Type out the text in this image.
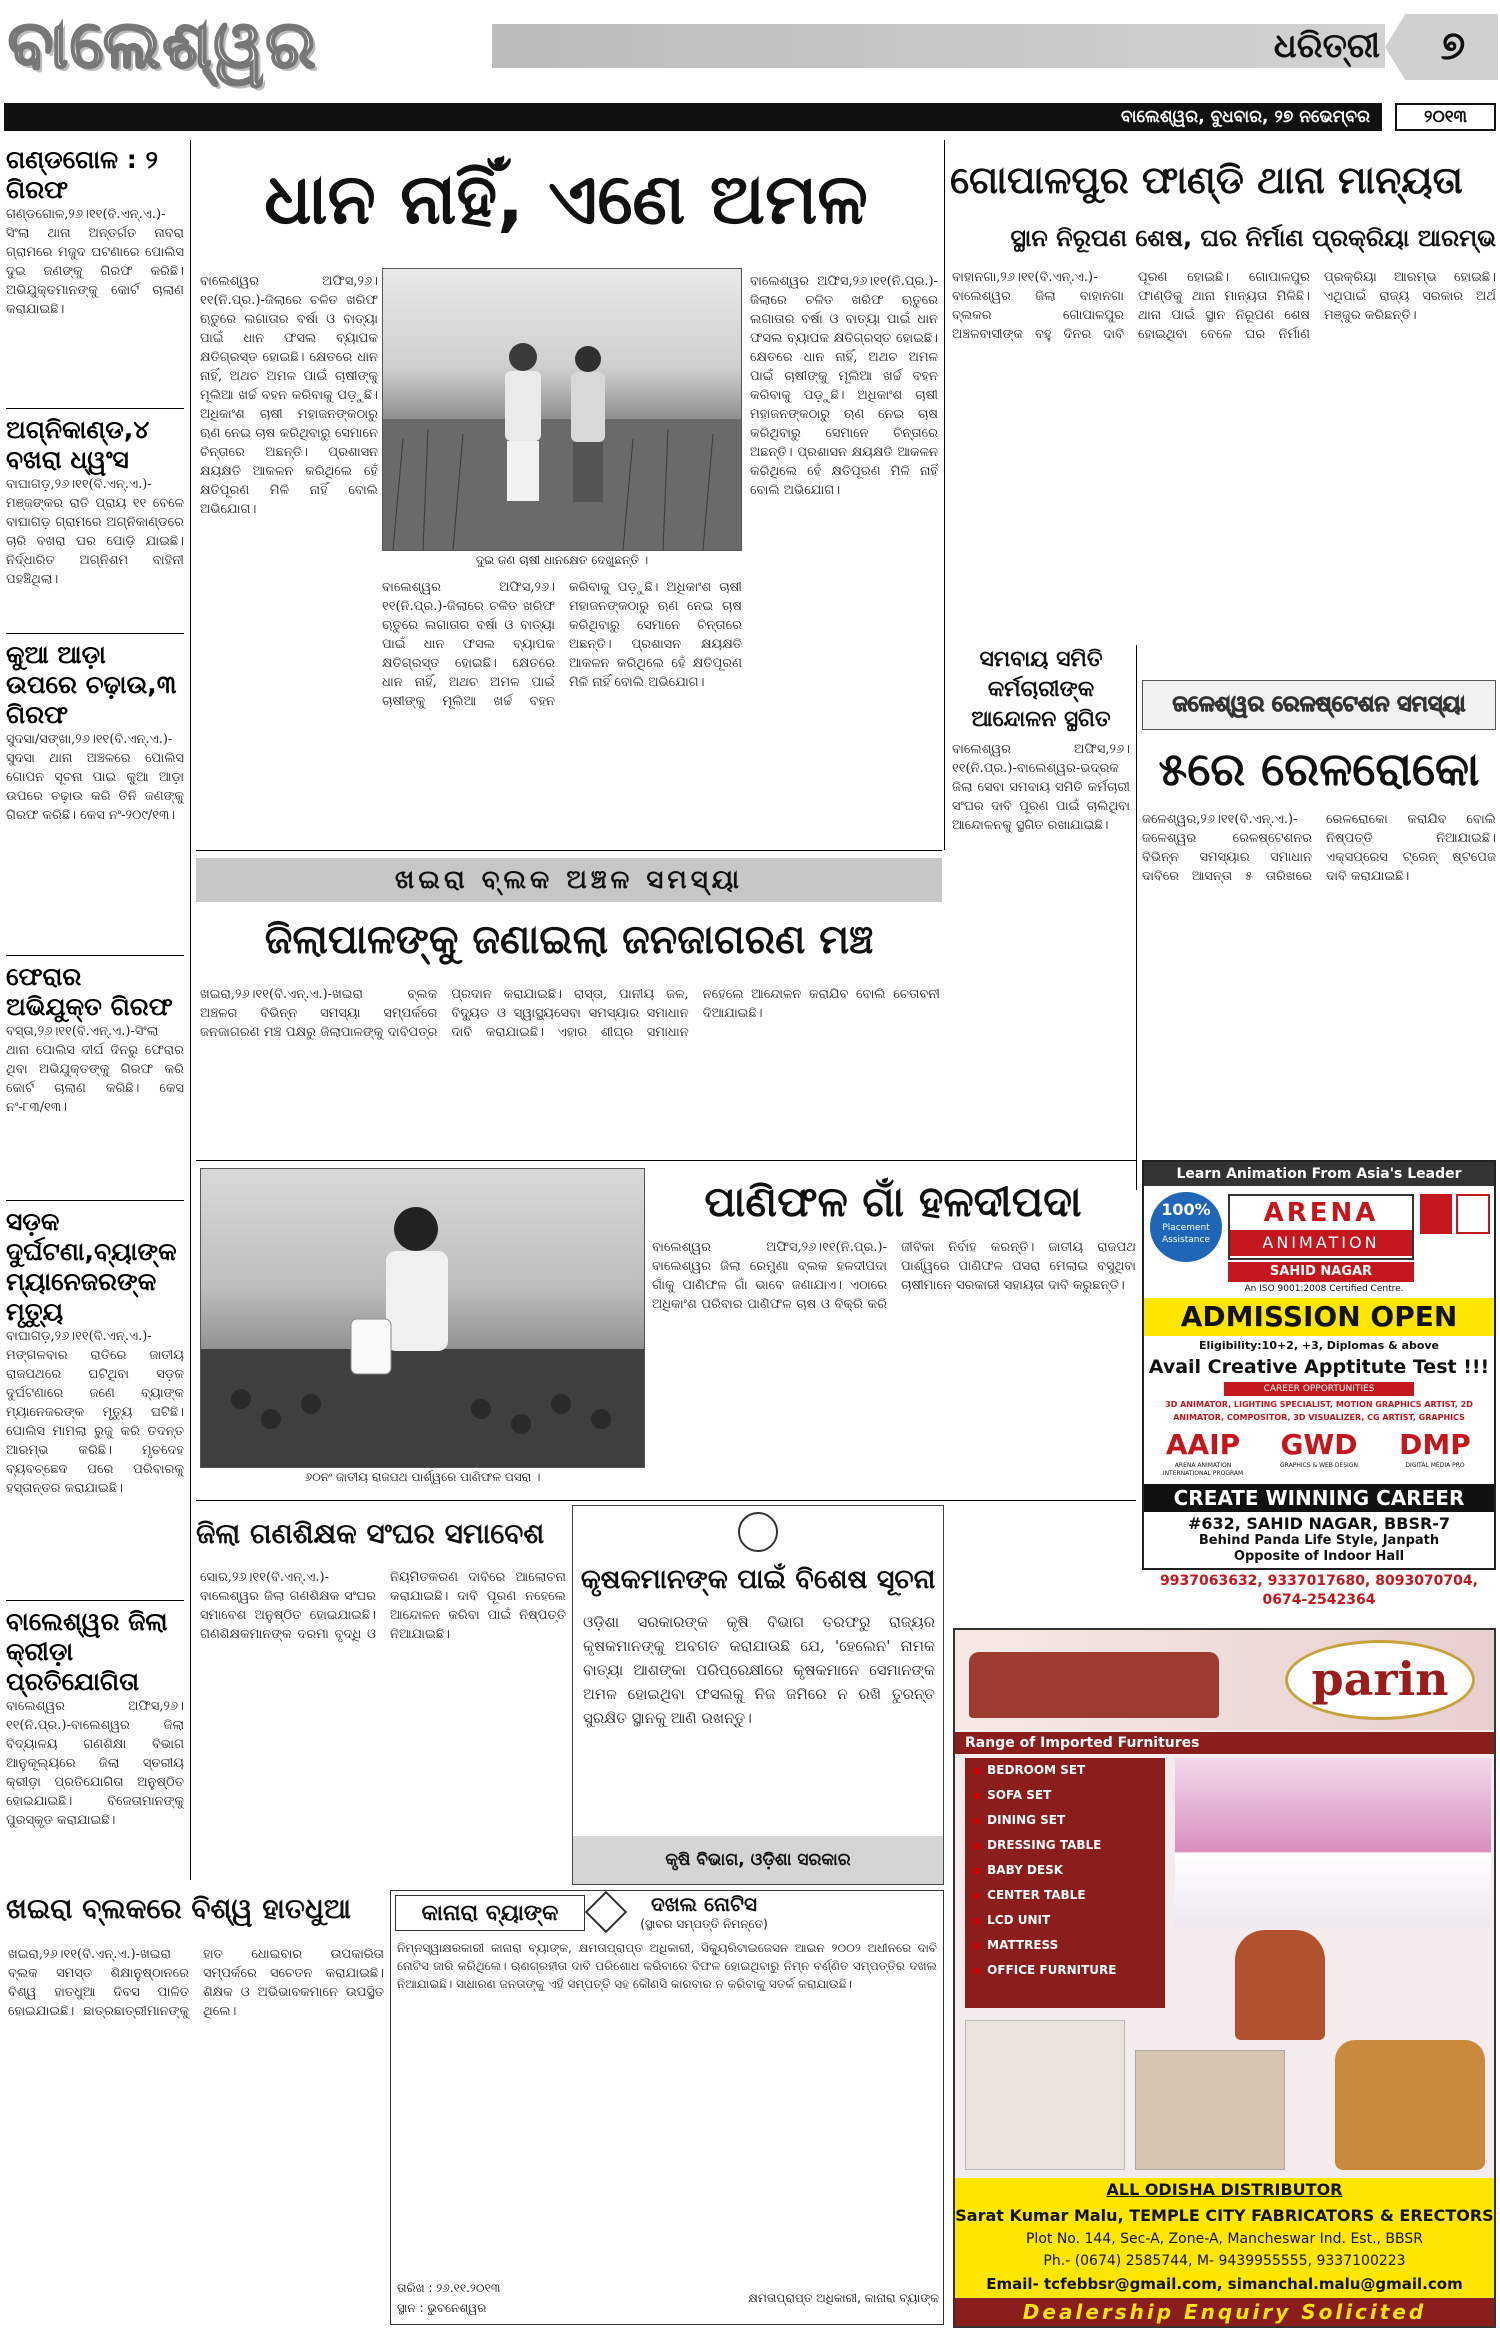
ବାଲେଶ୍ୱର	ଧରିତ୍ରୀ	୭
ବାଲେଶ୍ୱର, ବୁଧବାର, ୨୭ ନଭେମ୍ବର	୨୦୧୩
ଗଣ୍ଡଗୋଳ : ୨ ଗିରଫ
ଗଣ୍ଡଗୋଳ,୨୬।୧୧(ବି.ଏନ୍.ଏ.)-ସିଂଲା ଥାନା ଅନ୍ତର୍ଗତ ନାବରା ଗ୍ରାମରେ ମଜୁଦ ଘଟଣାରେ ପୋଲିସ ଦୁଇ ଜଣଙ୍କୁ ଗିରଫ କରିଛି। ଅଭିଯୁକ୍ତମାନଙ୍କୁ କୋର୍ଟ ଚାଲାଣ କରାଯାଇଛି।
ଅଗ୍ନିକାଣ୍ଡ,୪ ବଖରା ଧ୍ୱଂସ
ବାଘାଗଡ଼,୨୬।୧୧(ବି.ଏନ୍.ଏ.)-ମଞ୍ଜଙ୍କର ରାତି ପ୍ରାୟ ୧୧ ବେଳେ ବାଘାଗଡ଼ ଗ୍ରାମରେ ଅଗ୍ନିକାଣ୍ଡରେ ଚାରି ବଖରା ଘର ପୋଡ଼ି ଯାଇଛି। ନିର୍ଦ୍ଧାରିତ ଅଗ୍ନିଶମ ବାହିନୀ ପହଞ୍ଚିଥିଲା।
କୁଆ ଆଡ଼ା ଉପରେ ଚଢ଼ାଉ,୩ ଗିରଫ
ସୁଦସା/ସଙ୍ଖା,୨୬।୧୧(ବି.ଏନ୍.ଏ.)-ସୁଦସା ଥାନା ଅଞ୍ଚଳରେ ପୋଲିସ ଗୋପନ ସୂଚନା ପାଇ କୁଆ ଆଡ଼ା ଉପରେ ଚଢ଼ାଉ କରି ତିନି ଜଣଙ୍କୁ ଗିରଫ କରିଛି। କେସ ନଂ-୨୦୯/୧୩।
ଫେରାର ଅଭିଯୁକ୍ତ ଗିରଫ
ବସ୍ତା,୨୬।୧୧(ବି.ଏନ୍.ଏ.)-ସିଂଲା ଥାନା ପୋଲିସ ଦୀର୍ଘ ଦିନରୁ ଫେରାର ଥିବା ଅଭିଯୁକ୍ତଙ୍କୁ ଗିରଫ କରି କୋର୍ଟ ଚାଲାଣ କରିଛି। କେସ ନଂ-୮୩/୧୩।
ସଡ଼କ ଦୁର୍ଘଟଣା,ବ୍ୟାଙ୍କ ମ୍ୟାନେଜରଙ୍କ ମୃତ୍ୟୁ
ବାଘାଗଡ଼,୨୬।୧୧(ବି.ଏନ୍.ଏ.)-ମଙ୍ଗଳବାର ରାତିରେ ଜାତୀୟ ରାଜପଥରେ ଘଟିଥିବା ସଡ଼କ ଦୁର୍ଘଟଣାରେ ଜଣେ ବ୍ୟାଙ୍କ ମ୍ୟାନେଜରଙ୍କ ମୃତ୍ୟୁ ଘଟିଛି। ପୋଲିସ ମାମଲା ରୁଜୁ କରି ତଦନ୍ତ ଆରମ୍ଭ କରିଛି। ମୃତଦେହ ବ୍ୟବଚ୍ଛେଦ ପରେ ପରିବାରକୁ ହସ୍ତାନ୍ତର କରାଯାଇଛି।
ବାଲେଶ୍ୱର ଜିଲା କ୍ରୀଡ଼ା ପ୍ରତିଯୋଗିତା
ବାଲେଶ୍ୱର ଅଫିସ,୨୬।୧୧(ନି.ପ୍ର.)-ବାଲେଶ୍ୱର ଜିଲା ବିଦ୍ୟାଳୟ ଗଣଶିକ୍ଷା ବିଭାଗ ଆନୁକୂଲ୍ୟରେ ଜିଲା ସ୍ତରୀୟ କ୍ରୀଡ଼ା ପ୍ରତିଯୋଗିତା ଅନୁଷ୍ଠିତ ହୋଇଯାଇଛି। ବିଜେତାମାନଙ୍କୁ ପୁରସ୍କୃତ କରାଯାଇଛି।
ଧାନ ନାହିଁ, ଏଣେ ଅମଳ
ବାଲେଶ୍ୱର ଅଫିସ,୨୬।୧୧(ନି.ପ୍ର.)-ଜିଲାରେ ଚଳିତ ଖରିଫ ଋତୁରେ ଲଗାତାର ବର୍ଷା ଓ ବାତ୍ୟା ପାଇଁ ଧାନ ଫସଲ ବ୍ୟାପକ କ୍ଷତିଗ୍ରସ୍ତ ହୋଇଛି। କ୍ଷେତରେ ଧାନ ନାହିଁ, ଅଥଚ ଅମଳ ପାଇଁ ଚାଷୀଙ୍କୁ ମୂଲିଆ ଖର୍ଚ୍ଚ ବହନ କରିବାକୁ ପଡ଼ୁଛି। ଅଧିକାଂଶ ଚାଷୀ ମହାଜନଙ୍କଠାରୁ ଋଣ ନେଇ ଚାଷ କରିଥିବାରୁ ସେମାନେ ଚିନ୍ତାରେ ଅଛନ୍ତି। ପ୍ରଶାସନ କ୍ଷୟକ୍ଷତି ଆକଳନ କରିଥିଲେ ହେଁ କ୍ଷତିପୂରଣ ମିଳି ନାହିଁ ବୋଲି ଅଭିଯୋଗ।
ଦୁଇ ଜଣ ଚାଷୀ ଧାନକ୍ଷେତ ଦେଖୁଛନ୍ତି ।
ବାଲେଶ୍ୱର ଅଫିସ,୨୬।୧୧(ନି.ପ୍ର.)-ଜିଲାରେ ଚଳିତ ଖରିଫ ଋତୁରେ ଲଗାତାର ବର୍ଷା ଓ ବାତ୍ୟା ପାଇଁ ଧାନ ଫସଲ ବ୍ୟାପକ କ୍ଷତିଗ୍ରସ୍ତ ହୋଇଛି। କ୍ଷେତରେ ଧାନ ନାହିଁ, ଅଥଚ ଅମଳ ପାଇଁ ଚାଷୀଙ୍କୁ ମୂଲିଆ ଖର୍ଚ୍ଚ ବହନ କରିବାକୁ ପଡ଼ୁଛି। ଅଧିକାଂଶ ଚାଷୀ ମହାଜନଙ୍କଠାରୁ ଋଣ ନେଇ ଚାଷ କରିଥିବାରୁ ସେମାନେ ଚିନ୍ତାରେ ଅଛନ୍ତି। ପ୍ରଶାସନ କ୍ଷୟକ୍ଷତି ଆକଳନ କରିଥିଲେ ହେଁ କ୍ଷତିପୂରଣ ମିଳି ନାହିଁ ବୋଲି ଅଭିଯୋଗ।
ବାଲେଶ୍ୱର ଅଫିସ,୨୬।୧୧(ନି.ପ୍ର.)-ଜିଲାରେ ଚଳିତ ଖରିଫ ଋତୁରେ ଲଗାତାର ବର୍ଷା ଓ ବାତ୍ୟା ପାଇଁ ଧାନ ଫସଲ ବ୍ୟାପକ କ୍ଷତିଗ୍ରସ୍ତ ହୋଇଛି। କ୍ଷେତରେ ଧାନ ନାହିଁ, ଅଥଚ ଅମଳ ପାଇଁ ଚାଷୀଙ୍କୁ ମୂଲିଆ ଖର୍ଚ୍ଚ ବହନ କରିବାକୁ ପଡ଼ୁଛି। ଅଧିକାଂଶ ଚାଷୀ ମହାଜନଙ୍କଠାରୁ ଋଣ ନେଇ ଚାଷ କରିଥିବାରୁ ସେମାନେ ଚିନ୍ତାରେ ଅଛନ୍ତି। ପ୍ରଶାସନ କ୍ଷୟକ୍ଷତି ଆକଳନ କରିଥିଲେ ହେଁ କ୍ଷତିପୂରଣ ମିଳି ନାହିଁ ବୋଲି ଅଭିଯୋଗ।
ଗୋପାଳପୁର ଫାଣ୍ଡି ଥାନା ମାନ୍ୟତା
ସ୍ଥାନ ନିରୂପଣ ଶେଷ, ଘର ନିର୍ମାଣ ପ୍ରକ୍ରିୟା ଆରମ୍ଭ
ବାହାନଗା,୨୬।୧୧(ବି.ଏନ୍.ଏ.)-ବାଲେଶ୍ୱର ଜିଲା ବାହାନଗା ବ୍ଲକର ଗୋପାଳପୁର ଅଞ୍ଚଳବାସୀଙ୍କ ବହୁ ଦିନର ଦାବି ପୂରଣ ହୋଇଛି। ଗୋପାଳପୁର ଫାଣ୍ଡିକୁ ଥାନା ମାନ୍ୟତା ମିଳିଛି। ଥାନା ପାଇଁ ସ୍ଥାନ ନିରୂପଣ ଶେଷ ହୋଇଥିବା ବେଳେ ଘର ନିର୍ମାଣ ପ୍ରକ୍ରିୟା ଆରମ୍ଭ ହୋଇଛି। ଏଥିପାଇଁ ରାଜ୍ୟ ସରକାର ଅର୍ଥ ମଞ୍ଜୁର କରିଛନ୍ତି।
ସମବାୟ ସମିତି କର୍ମଚାରୀଙ୍କ ଆନ୍ଦୋଳନ ସ୍ଥଗିତ
ବାଲେଶ୍ୱର ଅଫିସ,୨୬।୧୧(ନି.ପ୍ର.)-ବାଲେଶ୍ୱର-ଭଦ୍ରକ ଜିଲା ସେବା ସମବାୟ ସମିତି କର୍ମଚାରୀ ସଂଘର ଦାବି ପୂରଣ ପାଇଁ ଚାଲିଥିବା ଆନ୍ଦୋଳନକୁ ସ୍ଥଗିତ ରଖାଯାଇଛି।
ଜଳେଶ୍ୱର ରେଳଷ୍ଟେଶନ ସମସ୍ୟା
୫ରେ ରେଳରୋକୋ
ଜଳେଶ୍ୱର,୨୬।୧୧(ବି.ଏନ୍.ଏ.)-ଜଳେଶ୍ୱର ରେଳଷ୍ଟେଶନର ବିଭିନ୍ନ ସମସ୍ୟାର ସମାଧାନ ଦାବିରେ ଆସନ୍ତା ୫ ତାରିଖରେ ରେଳରୋକୋ କରାଯିବ ବୋଲି ନିଷ୍ପତ୍ତି ନିଆଯାଇଛି। ଏକ୍ସପ୍ରେସ ଟ୍ରେନ୍ ଷ୍ଟପେଜ ଦାବି କରାଯାଇଛି।
ଖଇରା ବ୍ଲକ ଅଞ୍ଚଳ ସମସ୍ୟା
ଜିଲାପାଳଙ୍କୁ ଜଣାଇଲା ଜନଜାଗରଣ ମଞ୍ଚ
ଖଇରା,୨୬।୧୧(ବି.ଏନ୍.ଏ.)-ଖଇରା ବ୍ଲକ ଅଞ୍ଚଳର ବିଭିନ୍ନ ସମସ୍ୟା ସମ୍ପର୍କରେ ଜନଜାଗରଣ ମଞ୍ଚ ପକ୍ଷରୁ ଜିଲାପାଳଙ୍କୁ ଦାବିପତ୍ର ପ୍ରଦାନ କରାଯାଇଛି। ରାସ୍ତା, ପାନୀୟ ଜଳ, ବିଦ୍ୟୁତ ଓ ସ୍ୱାସ୍ଥ୍ୟସେବା ସମସ୍ୟାର ସମାଧାନ ଦାବି କରାଯାଇଛି। ଏହାର ଶୀଘ୍ର ସମାଧାନ ନହେଲେ ଆନ୍ଦୋଳନ କରାଯିବ ବୋଲି ଚେତାବନୀ ଦିଆଯାଇଛି।
୬୦ନଂ ଜାତୀୟ ରାଜପଥ ପାର୍ଶ୍ୱରେ ପାଣିଫଳ ପସରା ।
ପାଣିଫଳ ଗାଁ ହଳଦୀପଦା
ବାଲେଶ୍ୱର ଅଫିସ,୨୬।୧୧(ନି.ପ୍ର.)-ବାଲେଶ୍ୱର ଜିଲା ରେମୁଣା ବ୍ଲକ ହଳଦୀପଦା ଗାଁକୁ ପାଣିଫଳ ଗାଁ ଭାବେ ଜଣାଯାଏ। ଏଠାରେ ଅଧିକାଂଶ ପରିବାର ପାଣିଫଳ ଚାଷ ଓ ବିକ୍ରି କରି ଜୀବିକା ନିର୍ବାହ କରନ୍ତି। ଜାତୀୟ ରାଜପଥ ପାର୍ଶ୍ୱରେ ପାଣିଫଳ ପସରା ମେଲାଇ ବସୁଥିବା ଚାଷୀମାନେ ସରକାରୀ ସହାୟତା ଦାବି କରୁଛନ୍ତି।
ଜିଲା ଗଣଶିକ୍ଷକ ସଂଘର ସମାବେଶ
ସୋର,୨୬।୧୧(ବି.ଏନ୍.ଏ.)-ବାଲେଶ୍ୱର ଜିଲା ଗଣଶିକ୍ଷକ ସଂଘର ସମାବେଶ ଅନୁଷ୍ଠିତ ହୋଇଯାଇଛି। ଗଣଶିକ୍ଷକମାନଙ୍କ ଦରମା ବୃଦ୍ଧି ଓ ନିୟମିତକରଣ ଦାବିରେ ଆଲୋଚନା କରାଯାଇଛି। ଦାବି ପୂରଣ ନହେଲେ ଆନ୍ଦୋଳନ କରିବା ପାଇଁ ନିଷ୍ପତ୍ତି ନିଆଯାଇଛି।
କୃଷକମାନଙ୍କ ପାଇଁ ବିଶେଷ ସୂଚନା
ଓଡ଼ିଶା ସରକାରଙ୍କ କୃଷି ବିଭାଗ ତରଫରୁ ରାଜ୍ୟର କୃଷକମାନଙ୍କୁ ଅବଗତ କରାଯାଉଛି ଯେ, 'ହେଲେନ' ନାମକ ବାତ୍ୟା ଆଶଙ୍କା ପରିପ୍ରେକ୍ଷୀରେ କୃଷକମାନେ ସେମାନଙ୍କ ଅମଳ ହୋଇଥିବା ଫସଲକୁ ନିଜ ଜମିରେ ନ ରଖି ତୁରନ୍ତ ସୁରକ୍ଷିତ ସ୍ଥାନକୁ ଆଣି ରଖନ୍ତୁ।
କୃଷି ବିଭାଗ, ଓଡ଼ିଶା ସରକାର
ଖଇରା ବ୍ଲକରେ ବିଶ୍ୱ ହାତଧୁଆ
ଖଇରା,୨୬।୧୧(ବି.ଏନ୍.ଏ.)-ଖଇରା ବ୍ଲକ ସମସ୍ତ ଶିକ୍ଷାନୁଷ୍ଠାନରେ ବିଶ୍ୱ ହାତଧୁଆ ଦିବସ ପାଳିତ ହୋଇଯାଇଛି। ଛାତ୍ରଛାତ୍ରୀମାନଙ୍କୁ ହାତ ଧୋଇବାର ଉପକାରିତା ସମ୍ପର୍କରେ ସଚେତନ କରାଯାଇଛି। ଶିକ୍ଷକ ଓ ଅଭିଭାବକମାନେ ଉପସ୍ଥିତ ଥିଲେ।
କାନାରା ବ୍ୟାଙ୍କ	ଦଖଲ ନୋଟିସ
(ସ୍ଥାବର ସମ୍ପତ୍ତି ନିମନ୍ତେ)
ନିମ୍ନସ୍ୱାକ୍ଷରକାରୀ କାନାରା ବ୍ୟାଙ୍କ, କ୍ଷମତାପ୍ରାପ୍ତ ଅଧିକାରୀ, ସିକ୍ୟୁରିଟାଇଜେସନ ଆଇନ ୨୦୦୨ ଅଧୀନରେ ଦାବି ନୋଟିସ ଜାରି କରିଥିଲେ। ଋଣଗ୍ରହୀତା ଦାବି ପରିଶୋଧ କରିବାରେ ବିଫଳ ହୋଇଥିବାରୁ ନିମ୍ନ ବର୍ଣ୍ଣିତ ସମ୍ପତ୍ତିର ଦଖଲ ନିଆଯାଇଛି। ସାଧାରଣ ଜନତାଙ୍କୁ ଏହି ସମ୍ପତ୍ତି ସହ କୌଣସି କାରବାର ନ କରିବାକୁ ସତର୍କ କରାଯାଉଛି।
ତାରିଖ : ୨୬.୧୧.୨୦୧୩
ସ୍ଥାନ : ଭୁବନେଶ୍ୱର
କ୍ଷମତାପ୍ରାପ୍ତ ଅଧିକାରୀ, କାନାରା ବ୍ୟାଙ୍କ
Learn Animation From Asia's Leader
100%
Placement
Assistance
ARENA
ANIMATION
SAHID NAGAR
An ISO 9001:2008 Certified Centre.
ADMISSION OPEN
Eligibility:10+2, +3, Diplomas & above
Avail Creative Apptitute Test !!!
CAREER OPPORTUNITIES
3D ANIMATOR, LIGHTING SPECIALIST, MOTION GRAPHICS ARTIST, 2D ANIMATOR, COMPOSITOR, 3D VISUALIZER, CG ARTIST, GRAPHICS
AAIP	GWD	DMP
ARENA ANIMATION INTERNATIONAL PROGRAM
GRAPHICS & WEB DESIGN	DIGITAL MEDIA PRO
CREATE WINNING CAREER
#632, SAHID NAGAR, BBSR-7
Behind Panda Life Style, Janpath
Opposite of Indoor Hall
9937063632, 9337017680, 8093070704, 0674-2542364
parin
Range of Imported Furnitures
▪ BEDROOM SET
▪ SOFA SET
▪ DINING SET
▪ DRESSING TABLE
▪ BABY DESK
▪ CENTER TABLE
▪ LCD UNIT
▪ MATTRESS
▪ OFFICE FURNITURE
ALL ODISHA DISTRIBUTOR
Sarat Kumar Malu, TEMPLE CITY FABRICATORS & ERECTORS
Plot No. 144, Sec-A, Zone-A, Mancheswar Ind. Est., BBSR
Ph.- (0674) 2585744, M- 9439955555, 9337100223
Email- tcfebbsr@gmail.com, simanchal.malu@gmail.com
Dealership Enquiry Solicited
